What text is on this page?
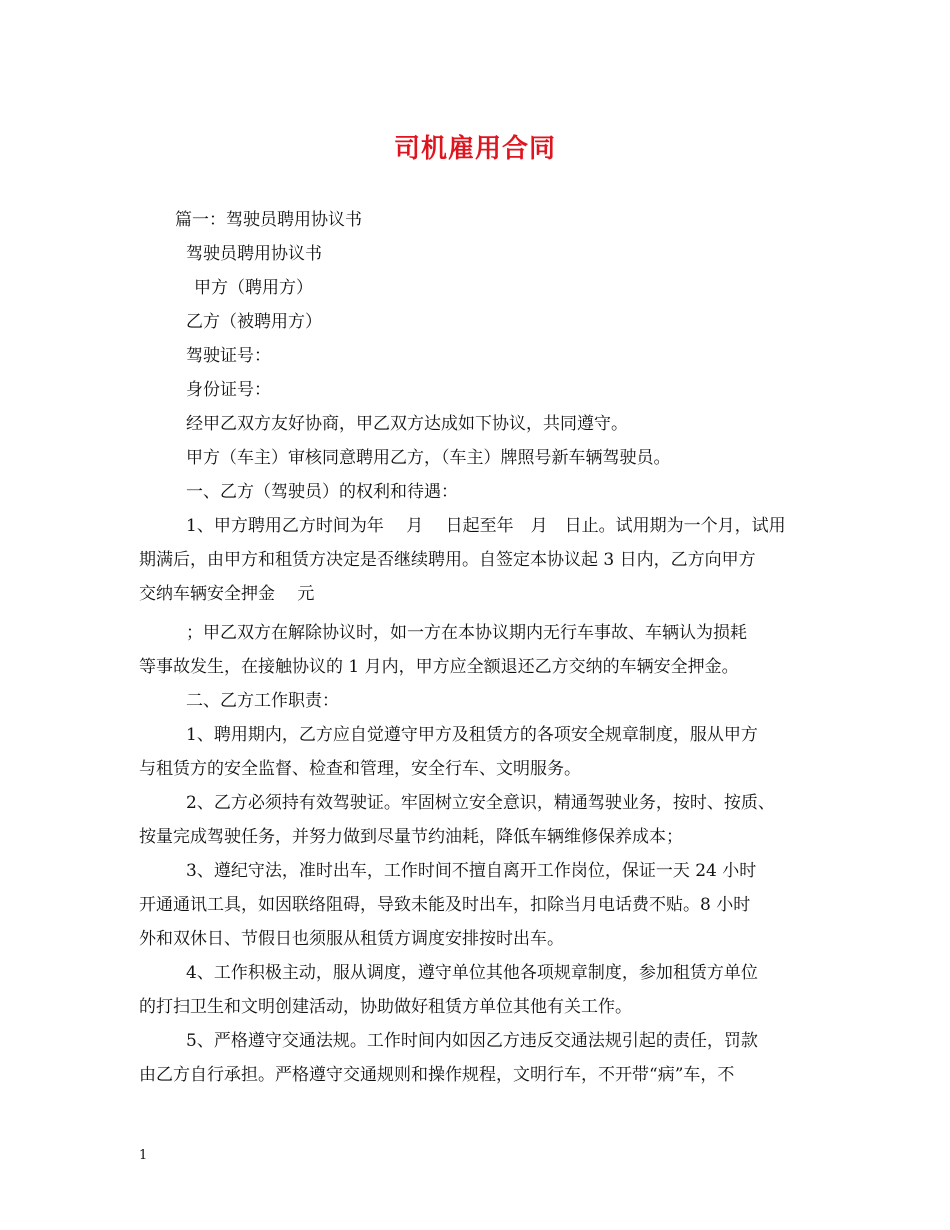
司机雇用合同
篇一：驾驶员聘用协议书
驾驶员聘用协议书
甲方（聘用方）
乙方（被聘用方）
驾驶证号：
身份证号：
经甲乙双方友好协商，甲乙双方达成如下协议，共同遵守。
甲方（车主）审核同意聘用乙方，（车主）牌照号新车辆驾驶员。
一、乙方（驾驶员）的权利和待遇：
1、甲方聘用乙方时间为年　 月　 日起至年　月　日止。试用期为一个月，试用
期满后，由甲方和租赁方决定是否继续聘用。自签定本协议起 3 日内，乙方向甲方
交纳车辆安全押金　 元
；甲乙双方在解除协议时，如一方在本协议期内无行车事故、车辆认为损耗
等事故发生，在接触协议的 1 月内，甲方应全额退还乙方交纳的车辆安全押金。
二、乙方工作职责：
1、聘用期内，乙方应自觉遵守甲方及租赁方的各项安全规章制度，服从甲方
与租赁方的安全监督、检查和管理，安全行车、文明服务。
2、乙方必须持有效驾驶证。牢固树立安全意识，精通驾驶业务，按时、按质、
按量完成驾驶任务，并努力做到尽量节约油耗，降低车辆维修保养成本；
3、遵纪守法，准时出车，工作时间不擅自离开工作岗位，保证一天 24 小时
开通通讯工具，如因联络阻碍，导致未能及时出车，扣除当月电话费不贴。8 小时
外和双休日、节假日也须服从租赁方调度安排按时出车。
4、工作积极主动，服从调度，遵守单位其他各项规章制度，参加租赁方单位
的打扫卫生和文明创建活动，协助做好租赁方单位其他有关工作。
5、严格遵守交通法规。工作时间内如因乙方违反交通法规引起的责任，罚款
由乙方自行承担。严格遵守交通规则和操作规程，文明行车，不开带“病”车，不
1
